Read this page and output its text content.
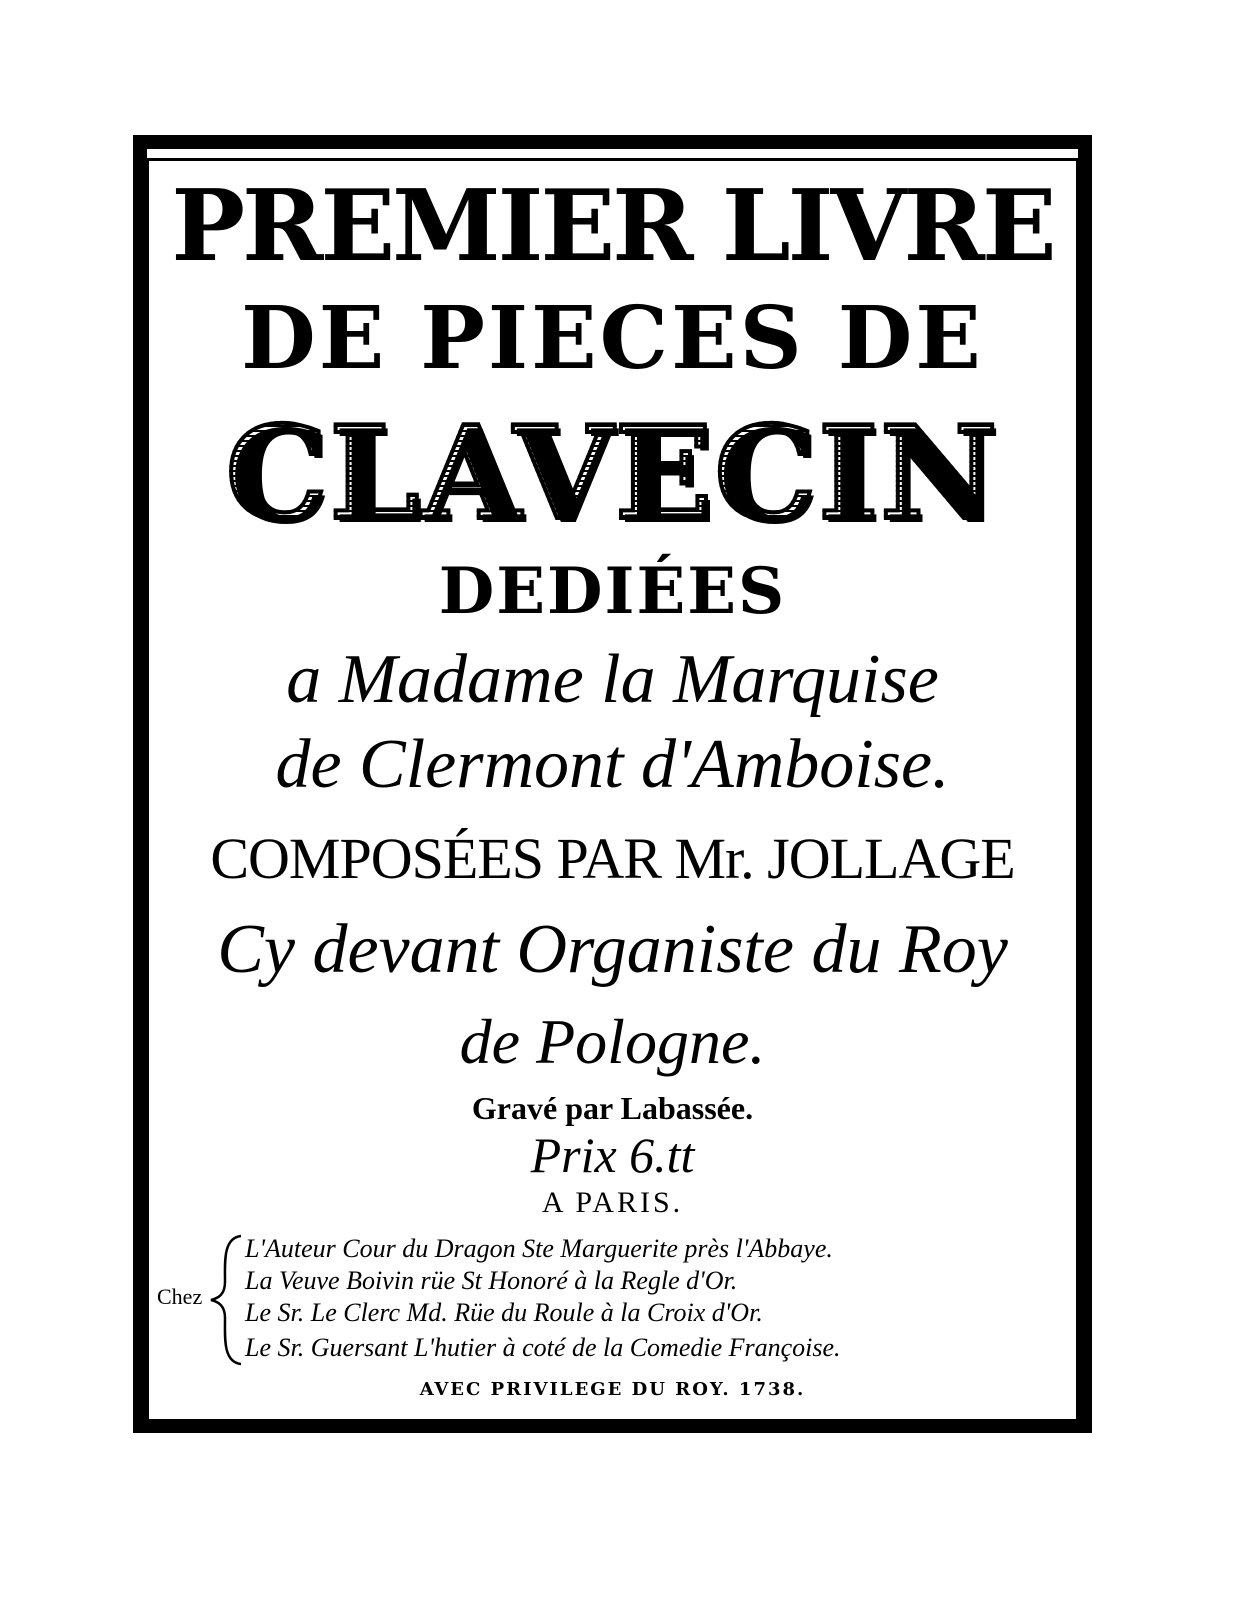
PREMIER LIVRE
DE PIECES DE
CLAVECIN
DEDIÉES
a Madame la Marquise
de Clermont d'Amboise.
COMPOSÉES PAR Mr. JOLLAGE
Cy devant Organiste du Roy
de Pologne.
Gravé par Labassée.
Prix 6.tt
A PARIS.
Chez
L'Auteur Cour du Dragon Ste Marguerite près l'Abbaye.
La Veuve Boivin rüe St Honoré à la Regle d'Or.
Le Sr. Le Clerc Md. Rüe du Roule à la Croix d'Or.
Le Sr. Guersant L'hutier à coté de la Comedie Françoise.
AVEC PRIVILEGE DU ROY. 1738.
